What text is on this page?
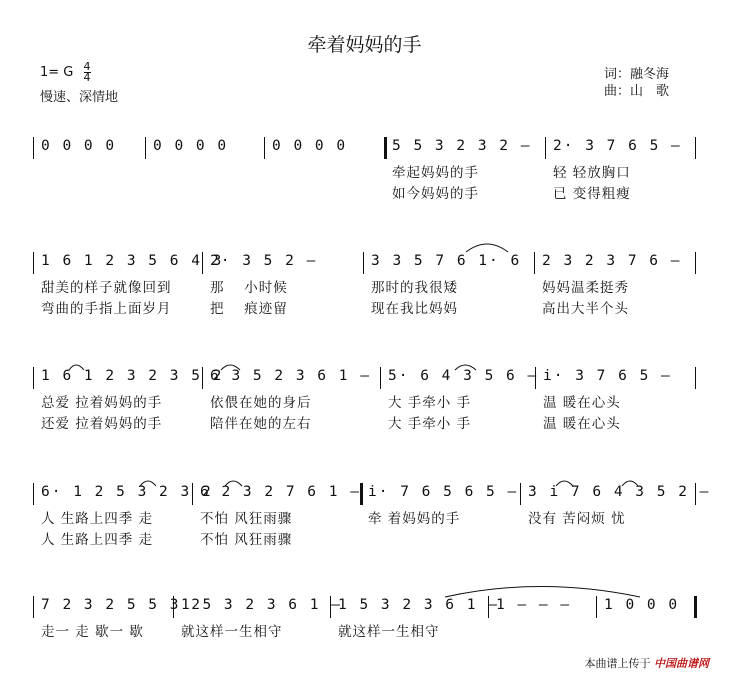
牵着妈妈的手
1= G $\frac{4}{4}$
慢速、深情地
词：融冬海
曲：山　歌
0 0 0 0	0 0 0 0	0 0 0 0	5 5 3 2 3 2 –
牵起妈妈的手
如今妈妈的手
2· 3 7 6 5 –
轻 轻放胸口
已 变得粗瘦
1 6 1 2 3 5 6 4 3
甜美的样子就像回到
弯曲的手指上面岁月
2· 3 5 2 –
那　 小时候
把　 痕迹留
3 3 5 7 6 1· 6
那时的我很矮
现在我比妈妈
2 3 2 3 7 6 –
妈妈温柔挺秀
高出大半个头
1 6 1 2 3 2 3 5 2
总爱 拉着妈妈的手
还爱 拉着妈妈的手
6 3 5 2 3 6 1 –
依偎在她的身后
陪伴在她的左右
5· 6 4 3 5 6 –
大 手牵小 手
大 手牵小 手
i· 3 7 6 5 –
温 暖在心头
温 暖在心头
6· 1 2 5 3 2 3 2
人 生路上四季 走
人 生路上四季 走
6 2 3 2 7 6 1 –
不怕 风狂雨骤
不怕 风狂雨骤
i· 7 6 5 6 5 –
牵 着妈妈的手
3 i 7 6 4 3 5 2 –
没有 苦闷烦 忧
7 2 3 2 5 5 3 2
走一 走 歇一 歇
1 5 3 2 3 6 1 –
就这样一生相守
1 5 3 2 3 6 1 –
就这样一生相守
1 – – – 1 0 0 0
本曲谱上传于 中国曲谱网
